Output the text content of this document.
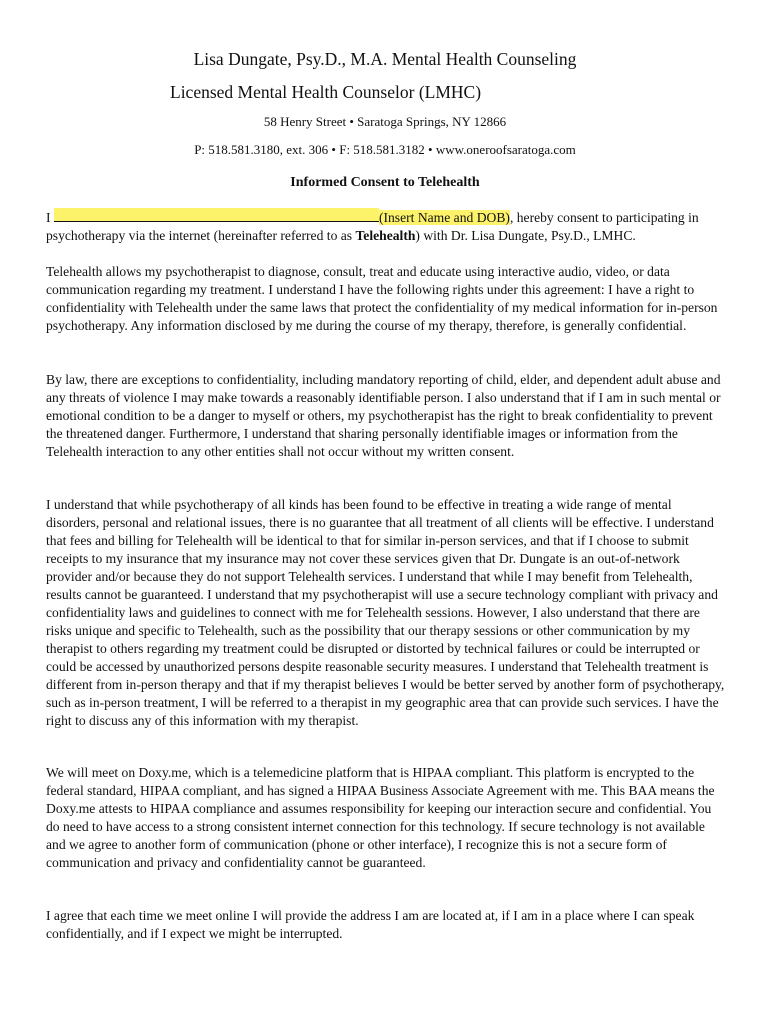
Lisa Dungate, Psy.D., M.A. Mental Health Counseling
Licensed Mental Health Counselor (LMHC)
58 Henry Street • Saratoga Springs, NY 12866
P: 518.581.3180, ext. 306 • F: 518.581.3182 • www.oneroofsaratoga.com
Informed Consent to Telehealth

I	(Insert Name and DOB), hereby consent to participating in psychotherapy via the internet (hereinafter referred to as Telehealth) with Dr. Lisa Dungate, Psy.D., LMHC.

Telehealth allows my psychotherapist to diagnose, consult, treat and educate using interactive audio, video, or data communication regarding my treatment. I understand I have the following rights under this agreement: I have a right to confidentiality with Telehealth under the same laws that protect the confidentiality of my medical information for in-person psychotherapy. Any information disclosed by me during the course of my therapy, therefore, is generally confidential.

By law, there are exceptions to confidentiality, including mandatory reporting of child, elder, and dependent adult abuse and any threats of violence I may make towards a reasonably identifiable person. I also understand that if I am in such mental or emotional condition to be a danger to myself or others, my psychotherapist has the right to break confidentiality to prevent the threatened danger. Furthermore, I understand that sharing personally identifiable images or information from the Telehealth interaction to any other entities shall not occur without my written consent.

I understand that while psychotherapy of all kinds has been found to be effective in treating a wide range of mental disorders, personal and relational issues, there is no guarantee that all treatment of all clients will be effective. I understand that fees and billing for Telehealth will be identical to that for similar in-person services, and that if I choose to submit receipts to my insurance that my insurance may not cover these services given that Dr. Dungate is an out-of-network provider and/or because they do not support Telehealth services. I understand that while I may benefit from Telehealth, results cannot be guaranteed. I understand that my psychotherapist will use a secure technology compliant with privacy and confidentiality laws and guidelines to connect with me for Telehealth sessions. However, I also understand that there are risks unique and specific to Telehealth, such as the possibility that our therapy sessions or other communication by my therapist to others regarding my treatment could be disrupted or distorted by technical failures or could be interrupted or could be accessed by unauthorized persons despite reasonable security measures. I understand that Telehealth treatment is different from in-person therapy and that if my therapist believes I would be better served by another form of psychotherapy, such as in-person treatment, I will be referred to a therapist in my geographic area that can provide such services. I have the right to discuss any of this information with my therapist.

We will meet on Doxy.me, which is a telemedicine platform that is HIPAA compliant. This platform is encrypted to the federal standard, HIPAA compliant, and has signed a HIPAA Business Associate Agreement with me. This BAA means the Doxy.me attests to HIPAA compliance and assumes responsibility for keeping our interaction secure and confidential. You do need to have access to a strong consistent internet connection for this technology. If secure technology is not available and we agree to another form of communication (phone or other interface), I recognize this is not a secure form of communication and privacy and confidentiality cannot be guaranteed.

I agree that each time we meet online I will provide the address I am are located at, if I am in a place where I can speak confidentially, and if I expect we might be interrupted.
